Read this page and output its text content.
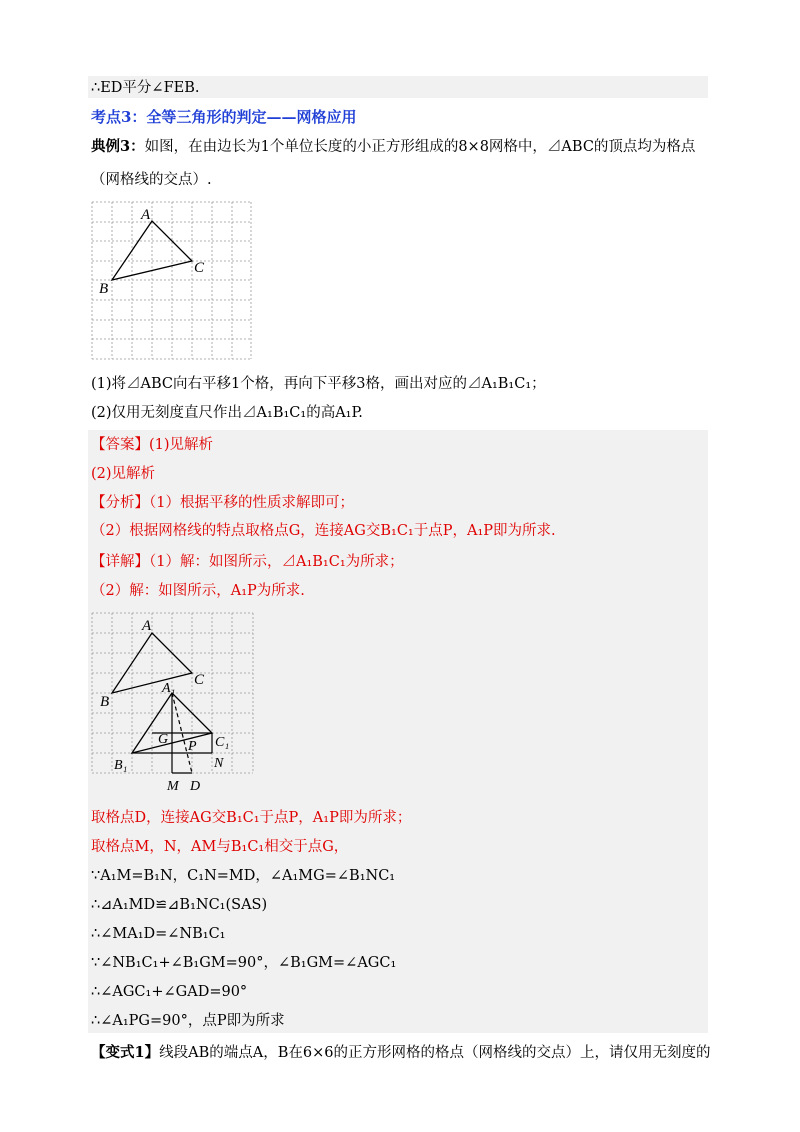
∴ED平分∠FEB.
考点3：全等三角形的判定——网格应用
典例3：如图，在由边长为1个单位长度的小正方形组成的8×8网格中，⊿ABC的顶点均为格点
（网格线的交点）.
A
B
C
(1)将⊿ABC向右平移1个格，再向下平移3格，画出对应的⊿A₁B₁C₁；
(2)仅用无刻度直尺作出⊿A₁B₁C₁的高A₁P.
【答案】(1)见解析
(2)见解析
【分析】（1）根据平移的性质求解即可；
（2）根据网格线的特点取格点G，连接AG交B₁C₁于点P，A₁P即为所求.
【详解】（1）解：如图所示，⊿A₁B₁C₁为所求；
（2）解：如图所示，A₁P为所求.
A
B
C
A₁
G P C₁
B₁	N
M D
取格点D，连接AG交B₁C₁于点P，A₁P即为所求；
取格点M，N，AM与B₁C₁相交于点G，
∵A₁M=B₁N，C₁N=MD，∠A₁MG=∠B₁NC₁
∴⊿A₁MD≌⊿B₁NC₁(SAS)
∴∠MA₁D=∠NB₁C₁
∵∠NB₁C₁+∠B₁GM=90°，∠B₁GM=∠AGC₁
∴∠AGC₁+∠GAD=90°
∴∠A₁PG=90°，点P即为所求
【变式1】线段AB的端点A，B在6×6的正方形网格的格点（网格线的交点）上，请仅用无刻度的
